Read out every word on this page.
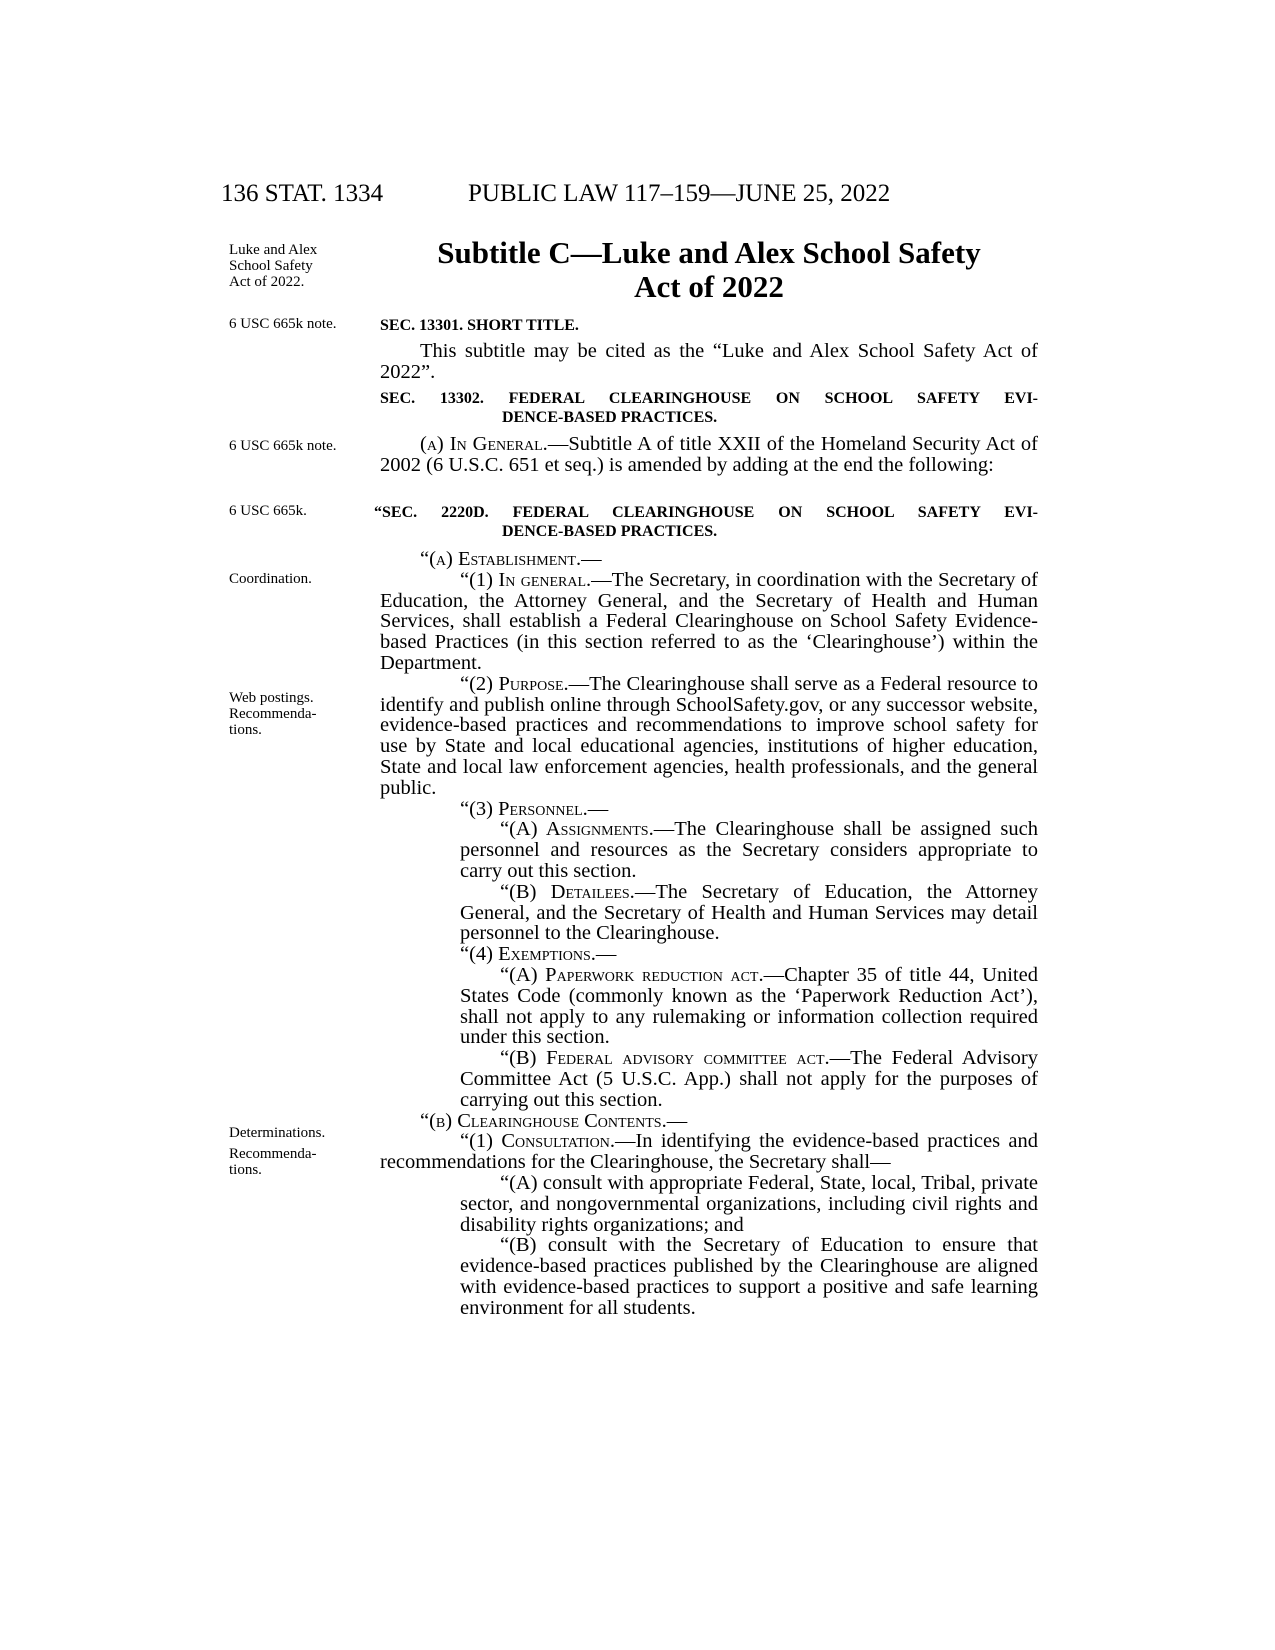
136 STAT. 1334	PUBLIC LAW 117–159—JUNE 25, 2022
Luke and Alex School Safety Act of 2022.
6 USC 665k note.
6 USC 665k note.
6 USC 665k.
Coordination.
Web postings.
Recommenda-tions.
Determinations.
Recommenda-tions.
Subtitle C—Luke and Alex School Safety
Act of 2022
SEC. 13301. SHORT TITLE.

This subtitle may be cited as the “Luke and Alex School Safety Act of 2022”.

SEC. 13302. FEDERAL CLEARINGHOUSE ON SCHOOL SAFETY EVI-
DENCE-BASED PRACTICES.

(a) In General.—Subtitle A of title XXII of the Homeland Security Act of 2002 (6 U.S.C. 651 et seq.) is amended by adding at the end the following:

“SEC. 2220D. FEDERAL CLEARINGHOUSE ON SCHOOL SAFETY EVI-
DENCE-BASED PRACTICES.

“(a) Establishment.—

“(1) In general.—The Secretary, in coordination with the Secretary of Education, the Attorney General, and the Secretary of Health and Human Services, shall establish a Federal Clearinghouse on School Safety Evidence-based Practices (in this section referred to as the ‘Clearinghouse’) within the Department.

“(2) Purpose.—The Clearinghouse shall serve as a Federal resource to identify and publish online through SchoolSafety.gov, or any successor website, evidence-based practices and recommendations to improve school safety for use by State and local educational agencies, institutions of higher education, State and local law enforcement agencies, health professionals, and the general public.

“(3) Personnel.—

“(A) Assignments.—The Clearinghouse shall be assigned such personnel and resources as the Secretary considers appropriate to carry out this section.

“(B) Detailees.—The Secretary of Education, the Attorney General, and the Secretary of Health and Human Services may detail personnel to the Clearinghouse.

“(4) Exemptions.—

“(A) Paperwork reduction act.—Chapter 35 of title 44, United States Code (commonly known as the ‘Paperwork Reduction Act’), shall not apply to any rulemaking or information collection required under this section.

“(B) Federal advisory committee act.—The Federal Advisory Committee Act (5 U.S.C. App.) shall not apply for the purposes of carrying out this section.

“(b) Clearinghouse Contents.—

“(1) Consultation.—In identifying the evidence-based practices and recommendations for the Clearinghouse, the Secretary shall—

“(A) consult with appropriate Federal, State, local, Tribal, private sector, and nongovernmental organizations, including civil rights and disability rights organizations; and

“(B) consult with the Secretary of Education to ensure that evidence-based practices published by the Clearinghouse are aligned with evidence-based practices to support a positive and safe learning environment for all students.
